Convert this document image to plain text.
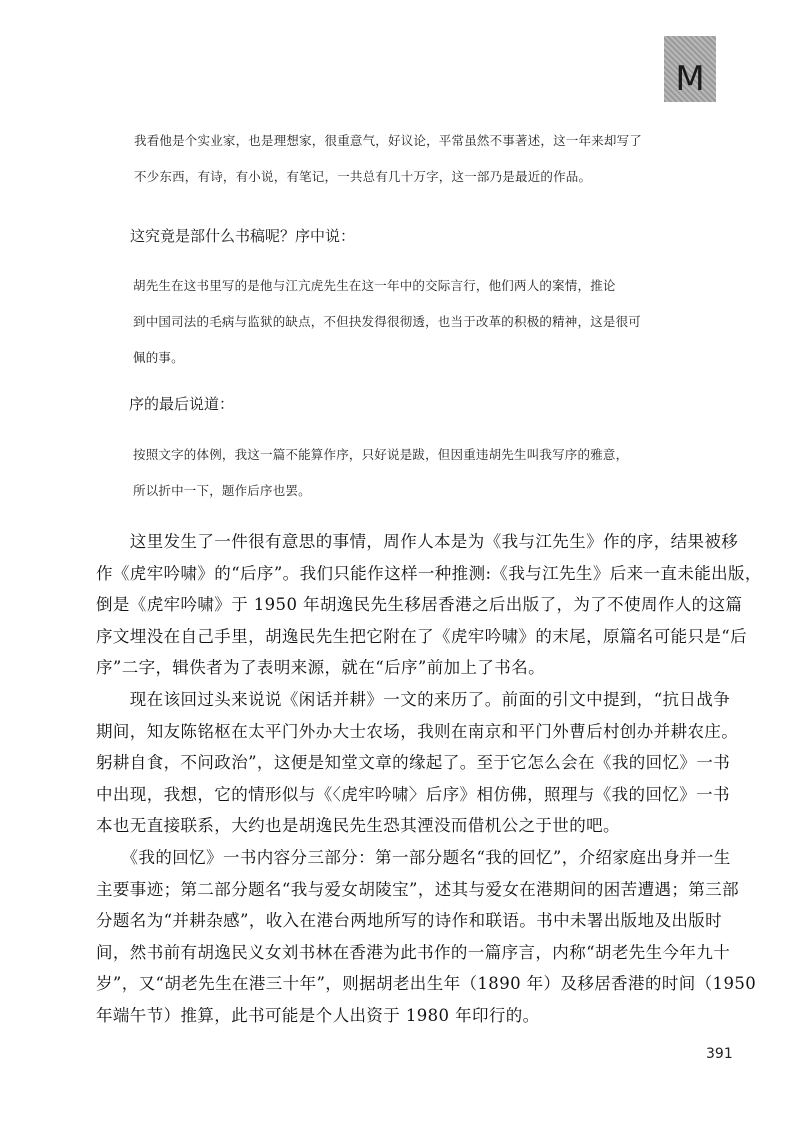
M
我看他是个实业家，也是理想家，很重意气，好议论，平常虽然不事著述，这一年来却写了
不少东西，有诗，有小说，有笔记，一共总有几十万字，这一部乃是最近的作品。
这究竟是部什么书稿呢？序中说：
胡先生在这书里写的是他与江亢虎先生在这一年中的交际言行，他们两人的案情，推论
到中国司法的毛病与监狱的缺点，不但抉发得很彻透，也当于改革的积极的精神，这是很可
佩的事。
序的最后说道：
按照文字的体例，我这一篇不能算作序，只好说是跋，但因重违胡先生叫我写序的雅意，
所以折中一下，题作后序也罢。
　　这里发生了一件很有意思的事情，周作人本是为《我与江先生》作的序，结果被移
作《虎牢吟啸》的“后序”。我们只能作这样一种推测:《我与江先生》后来一直未能出版，
倒是《虎牢吟啸》于 1950 年胡逸民先生移居香港之后出版了，为了不使周作人的这篇
序文埋没在自己手里，胡逸民先生把它附在了《虎牢吟啸》的末尾，原篇名可能只是“后
序”二字，辑佚者为了表明来源，就在“后序”前加上了书名。
　　现在该回过头来说说《闲话并耕》一文的来历了。前面的引文中提到，“抗日战争
期间，知友陈铭枢在太平门外办大士农场，我则在南京和平门外曹后村创办并耕农庄。
躬耕自食，不问政治”，这便是知堂文章的缘起了。至于它怎么会在《我的回忆》一书
中出现，我想，它的情形似与《〈虎牢吟啸〉后序》相仿佛，照理与《我的回忆》一书
本也无直接联系，大约也是胡逸民先生恐其湮没而借机公之于世的吧。
　　《我的回忆》一书内容分三部分：第一部分题名“我的回忆”，介绍家庭出身并一生
主要事迹；第二部分题名“我与爱女胡陵宝”，述其与爱女在港期间的困苦遭遇；第三部
分题名为“并耕杂感”，收入在港台两地所写的诗作和联语。书中未署出版地及出版时
间，然书前有胡逸民义女刘书林在香港为此书作的一篇序言，内称“胡老先生今年九十
岁”，又“胡老先生在港三十年”，则据胡老出生年（1890 年）及移居香港的时间（1950
年端午节）推算，此书可能是个人出资于 1980 年印行的。
391
